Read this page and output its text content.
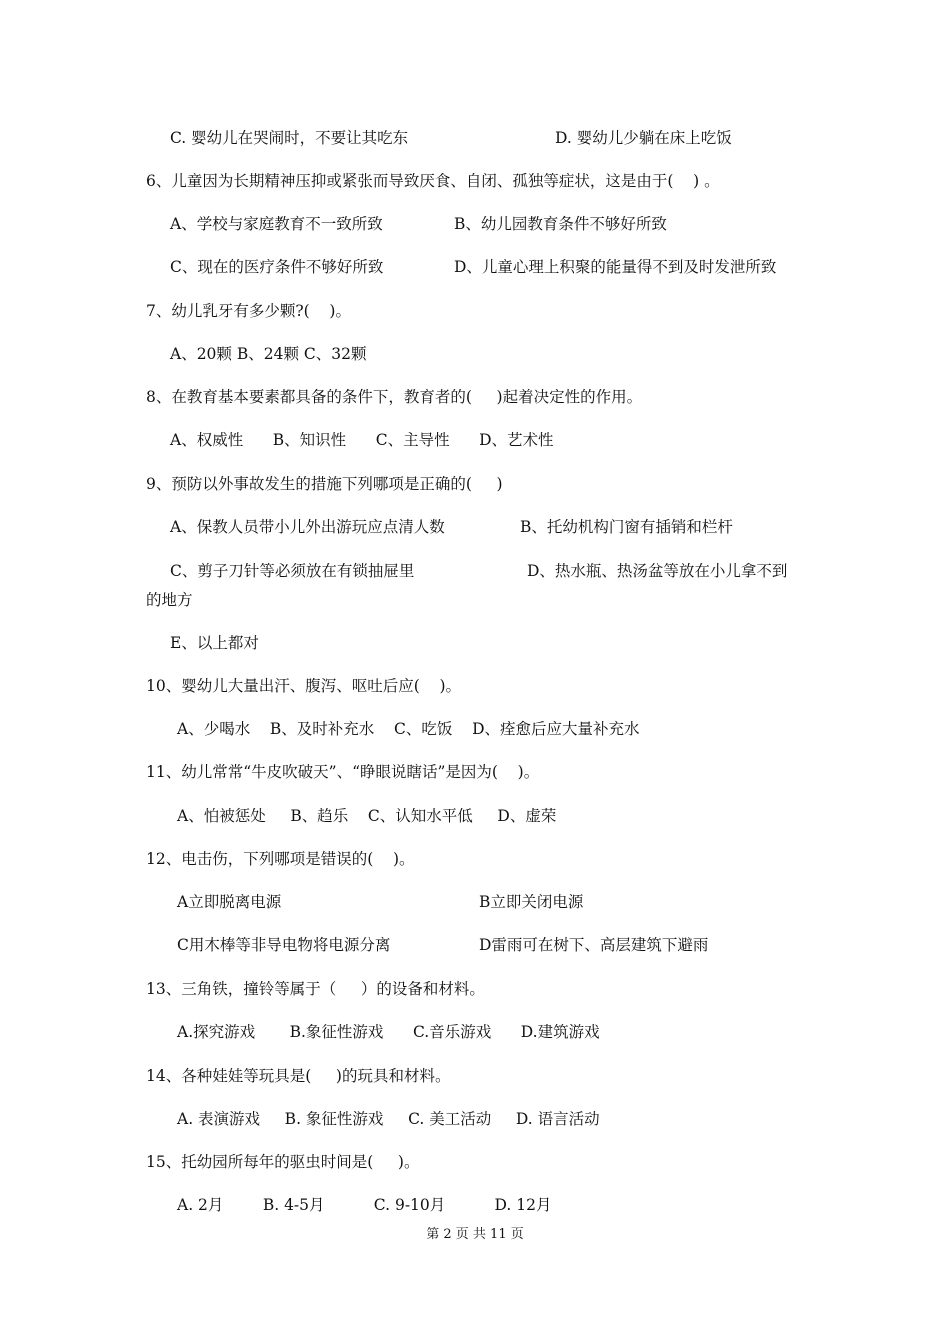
C. 婴幼儿在哭闹时，不要让其吃东	D. 婴幼儿少躺在床上吃饭
6、儿童因为长期精神压抑或紧张而导致厌食、自闭、孤独等症状，这是由于(    ) 。
A、学校与家庭教育不一致所致	B、幼儿园教育条件不够好所致
C、现在的医疗条件不够好所致	D、儿童心理上积聚的能量得不到及时发泄所致
7、幼儿乳牙有多少颗?(    )。
A、20颗 B、24颗 C、32颗
8、在教育基本要素都具备的条件下，教育者的(     )起着决定性的作用。
A、权威性      B、知识性      C、主导性      D、艺术性
9、预防以外事故发生的措施下列哪项是正确的(     )
A、保教人员带小儿外出游玩应点清人数	B、托幼机构门窗有插销和栏杆
C、剪子刀针等必须放在有锁抽屉里	D、热水瓶、热汤盆等放在小儿拿不到
的地方
E、以上都对
10、婴幼儿大量出汗、腹泻、呕吐后应(    )。
A、少喝水    B、及时补充水    C、吃饭    D、痊愈后应大量补充水
11、幼儿常常“牛皮吹破天”、“睁眼说瞎话”是因为(    )。
A、怕被惩处     B、趋乐    C、认知水平低     D、虚荣
12、电击伤，下列哪项是错误的(    )。
A立即脱离电源	B立即关闭电源
C用木棒等非导电物将电源分离	D雷雨可在树下、高层建筑下避雨
13、三角铁，撞铃等属于（     ）的设备和材料。
A.探究游戏       B.象征性游戏      C.音乐游戏      D.建筑游戏
14、各种娃娃等玩具是(     )的玩具和材料。
A. 表演游戏     B. 象征性游戏     C. 美工活动     D. 语言活动
15、托幼园所每年的驱虫时间是(     )。
A. 2月        B. 4-5月          C. 9-10月          D. 12月
第 2 页 共 11 页
